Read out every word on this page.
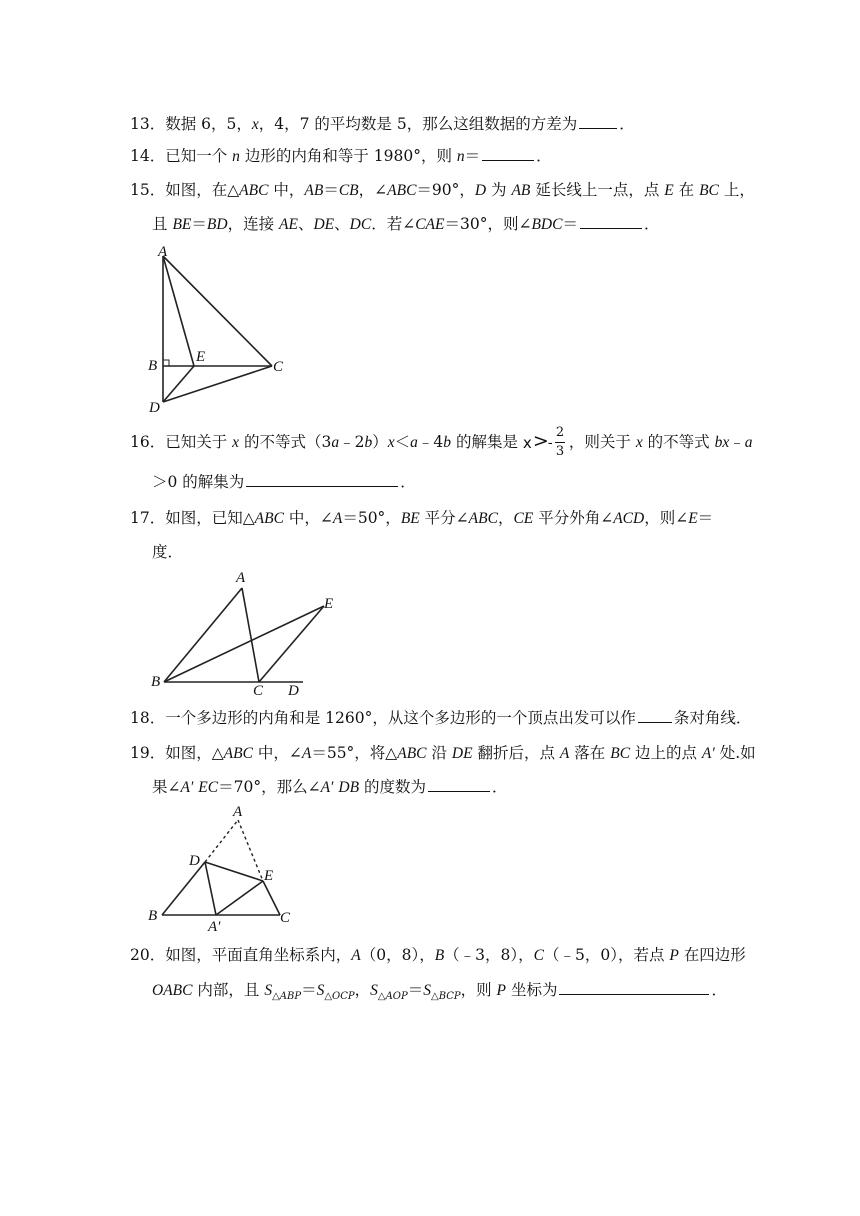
13．数据 6，5，x，4，7 的平均数是 5，那么这组数据的方差为	．
14．已知一个 n 边形的内角和等于 1980°，则 n＝	．
15．如图，在△ABC 中，AB＝CB，∠ABC＝90°，D 为 AB 延长线上一点，点 E 在 BC 上，
且 BE＝BD，连接 AE、DE、DC．若∠CAE＝30°，则∠BDC＝	．
A
B	C
D
E
16．已知关于 x 的不等式（3a﹣2b）x＜a﹣4b 的解集是 x > -
2
3
，则关于 x 的不等式 bx﹣a
＞0 的解集为	．
17．如图，已知△ABC 中，∠A＝50°，BE 平分∠ABC，CE 平分外角∠ACD，则∠E＝
度．
A
B
C D
E
18．一个多边形的内角和是 1260°，从这个多边形的一个顶点出发可以作 条对角线．
19．如图，△ABC 中，∠A＝55°，将△ABC 沿 DE 翻折后，点 A 落在 BC 边上的点 A′ 处.如
果∠A′ EC＝70°，那么∠A′ DB 的度数为	．
A
B	C
D
E
A′
20．如图，平面直角坐标系内，A（0，8），B（﹣3，8），C（﹣5，0），若点 P 在四边形
OABC 内部，且 $S_{\triangle ABP}=S_{\triangle OCP}$，$S_{\triangle AOP}=S_{\triangle BCP}$，则 P 坐标为	．
